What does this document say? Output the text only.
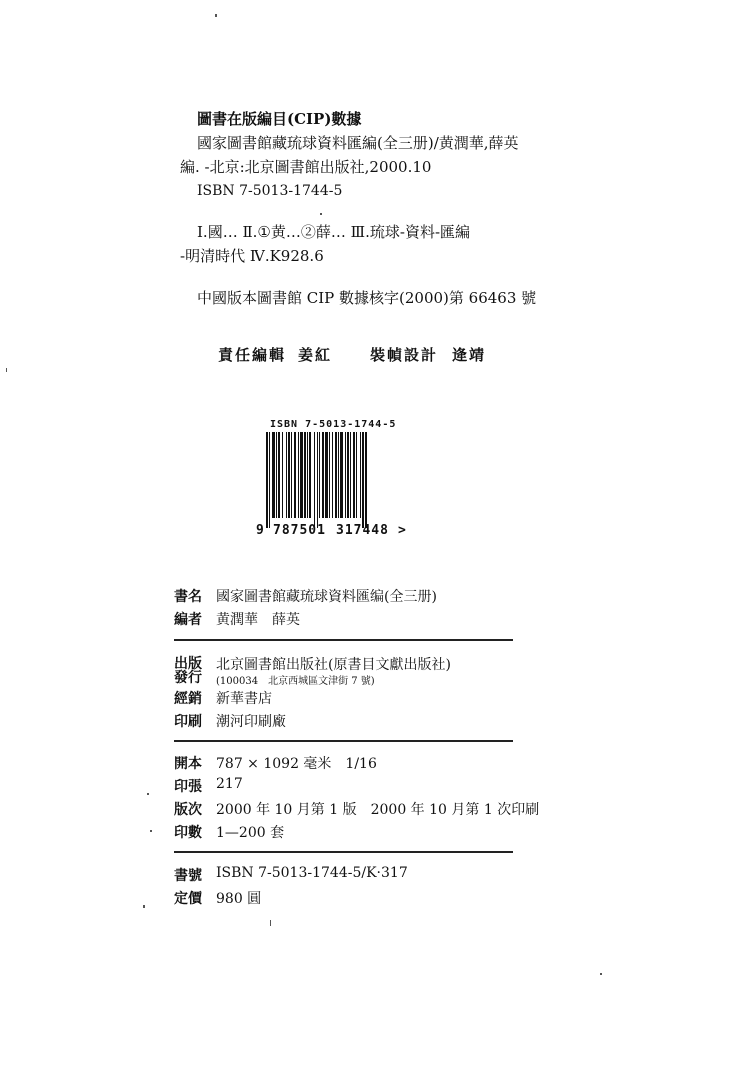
圖書在版編目(CIP)數據
國家圖書館藏琉球資料匯編(全三册)/黄潤華,薛英
編. -北京:北京圖書館出版社,2000.10
ISBN 7-5013-1744-5
Ⅰ.國… Ⅱ.①黄…②薛… Ⅲ.琉球-資料-匯編
-明清時代 Ⅳ.K928.6
中國版本圖書館 CIP 數據核字(2000)第 66463 號
責任編輯 姜紅	裝幀設計 逄靖
ISBN 7-5013-1744-5
9 787501 317448 >
書名 國家圖書館藏琉球資料匯编(全三册)
編者 黄潤華　薛英
出版
發行
北京圖書館出版社(原書目文獻出版社)
(100034　北京西城區文津街 7 號)
經銷 新華書店
印刷 潮河印刷廠
開本 787 × 1092 毫米　1/16
印張 217
版次 2000 年 10 月第 1 版　2000 年 10 月第 1 次印刷
印數 1—200 套
書號 ISBN 7-5013-1744-5/K·317
定價 980 圓
